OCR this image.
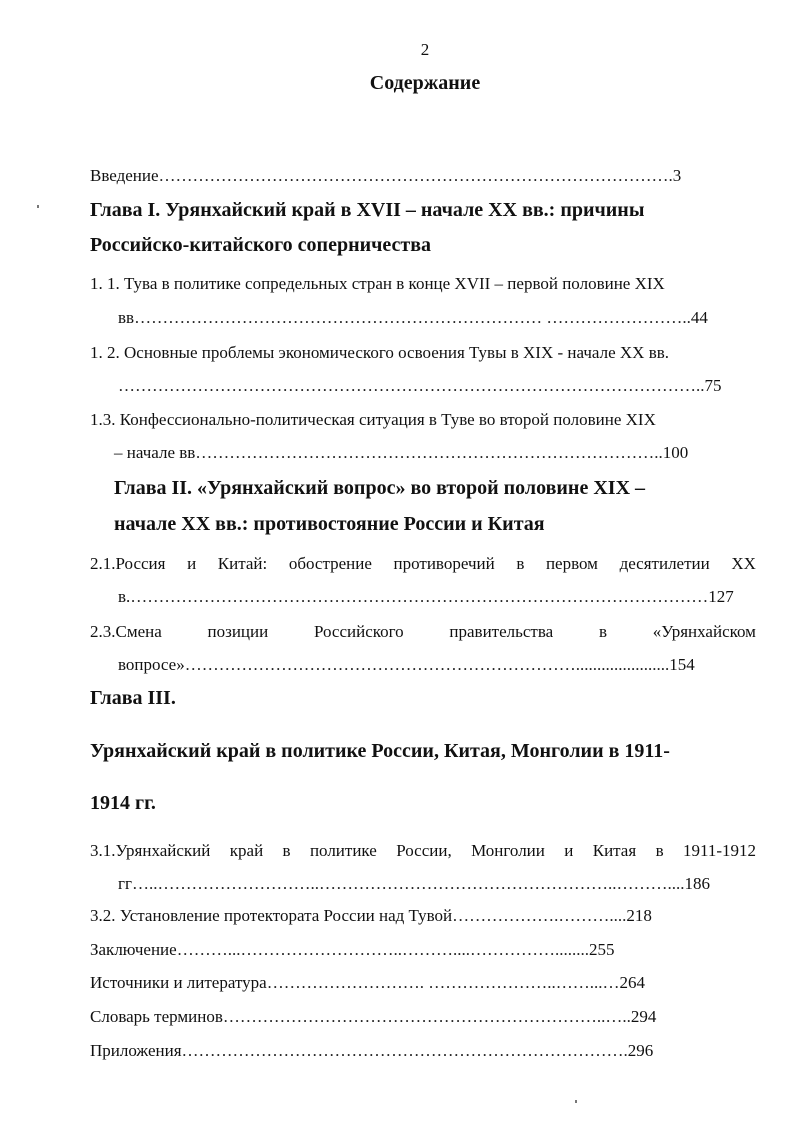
2
Содержание
Введение……………………………………………………………………………….3
Глава I. Урянхайский край в XVII – начале XX вв.: причины
Российско-китайского соперничества
1. 1. Тува в политике сопредельных стран в конце XVII – первой половине XIX
вв……………………………………………………………… ……………………..44
1. 2. Основные проблемы экономического освоения Тувы в XIX - начале XX вв.
…………………………………………………………………………………………..75
1.3. Конфессионально-политическая ситуация в Туве во второй половине XIX
– начале вв………………………………………………………………………..100
Глава II. «Урянхайский вопрос» во второй половине XIX –
начале XX вв.: противостояние России и Китая
2.1.Россия и Китай: обострение противоречий в первом десятилетии XX
в.…………………………………………………………………………………………127
2.3.Смена	позиции	Российского	правительства	в	«Урянхайском
вопросе»……………………………………………………………......................154
Глава III.
Урянхайский край в политике России, Китая, Монголии в 1911-
1914 гг.
3.1.Урянхайский край в политике России, Монголии и Китая в 1911-1912
гг…..………………………..……………………………………………..………....186
3.2. Установление протектората России над Тувой……………….………....218
Заключение………...………………………..………....……………........255
Источники и литература………………………. …………………..……...…264
Словарь терминов…………………………………………………………..…..294
Приложения…………………………………………………………………….296
